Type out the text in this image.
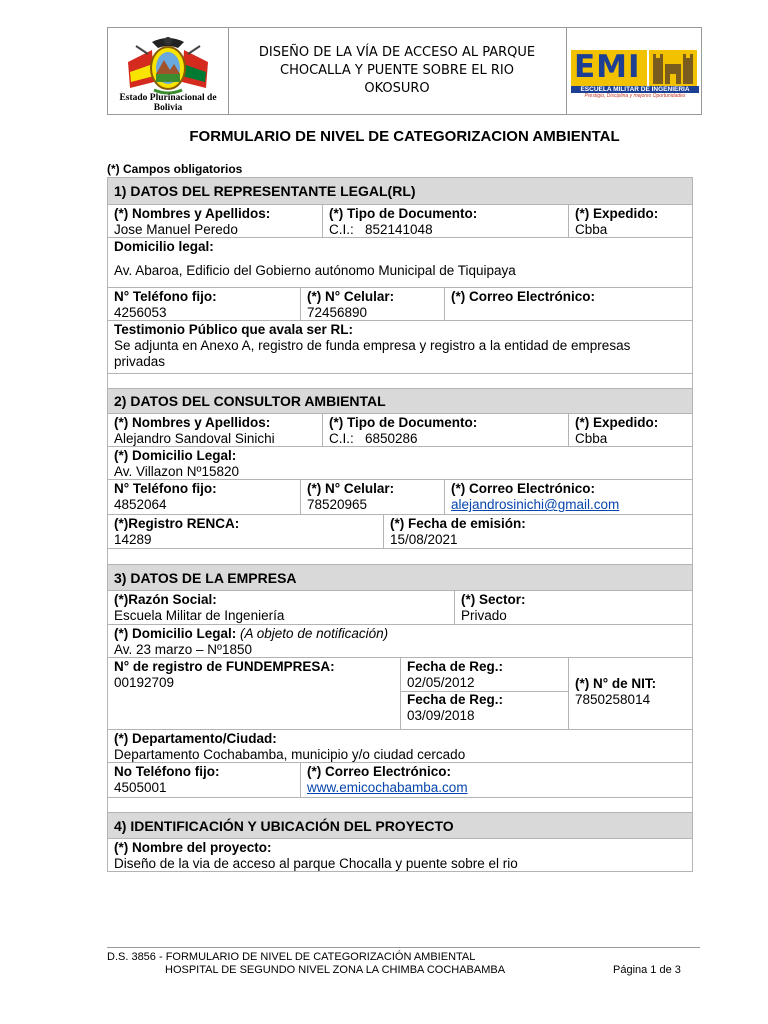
Estado Plurinacional de
Bolivia
DISEÑO DE LA VÍA DE ACCESO AL PARQUE
CHOCALLA Y PUENTE SOBRE EL RIO
OKOSURO
EMI
ESCUELA MILITAR DE INGENIERIA
Prestigio, Disciplina y mejores Oportunidades
FORMULARIO DE NIVEL DE CATEGORIZACION AMBIENTAL
(*) Campos obligatorios
1) DATOS DEL REPRESENTANTE LEGAL(RL)
(*) Nombres y Apellidos:
Jose Manuel Peredo
(*) Tipo de Documento:
C.I.:   852141048
(*) Expedido:
Cbba
Domicilio legal:
Av. Abaroa, Edificio del Gobierno autónomo Municipal de Tiquipaya
N° Teléfono fijo:
4256053
(*) N° Celular:
72456890
(*) Correo Electrónico:
Testimonio Público que avala ser RL:
Se adjunta en Anexo A, registro de funda empresa y registro a la entidad de empresas
privadas
2) DATOS DEL CONSULTOR AMBIENTAL
(*) Nombres y Apellidos:
Alejandro Sandoval Sinichi
(*) Tipo de Documento:
C.I.:   6850286
(*) Expedido:
Cbba
(*) Domicilio Legal:
Av. Villazon Nº15820
N° Teléfono fijo:
4852064
(*) N° Celular:
78520965
(*) Correo Electrónico:
alejandrosinichi@gmail.com
(*)Registro RENCA:
14289
(*) Fecha de emisión:
15/08/2021
3) DATOS DE LA EMPRESA
(*)Razón Social:
Escuela Militar de Ingeniería
(*) Sector:
Privado
(*) Domicilio Legal: (A objeto de notificación)
Av. 23 marzo – Nº1850
N° de registro de FUNDEMPRESA:
00192709
Fecha de Reg.:
02/05/2012
Fecha de Reg.:
03/09/2018
(*) N° de NIT:
7850258014
(*) Departamento/Ciudad:
Departamento Cochabamba, municipio y/o ciudad cercado
No Teléfono fijo:
4505001
(*) Correo Electrónico:
www.emicochabamba.com
4) IDENTIFICACIÓN Y UBICACIÓN DEL PROYECTO
(*) Nombre del proyecto:
Diseño de la via de acceso al parque Chocalla y puente sobre el rio
D.S. 3856 - FORMULARIO DE NIVEL DE CATEGORIZACIÓN AMBIENTAL
HOSPITAL DE SEGUNDO NIVEL ZONA LA CHIMBA COCHABAMBA	Página 1 de 3
